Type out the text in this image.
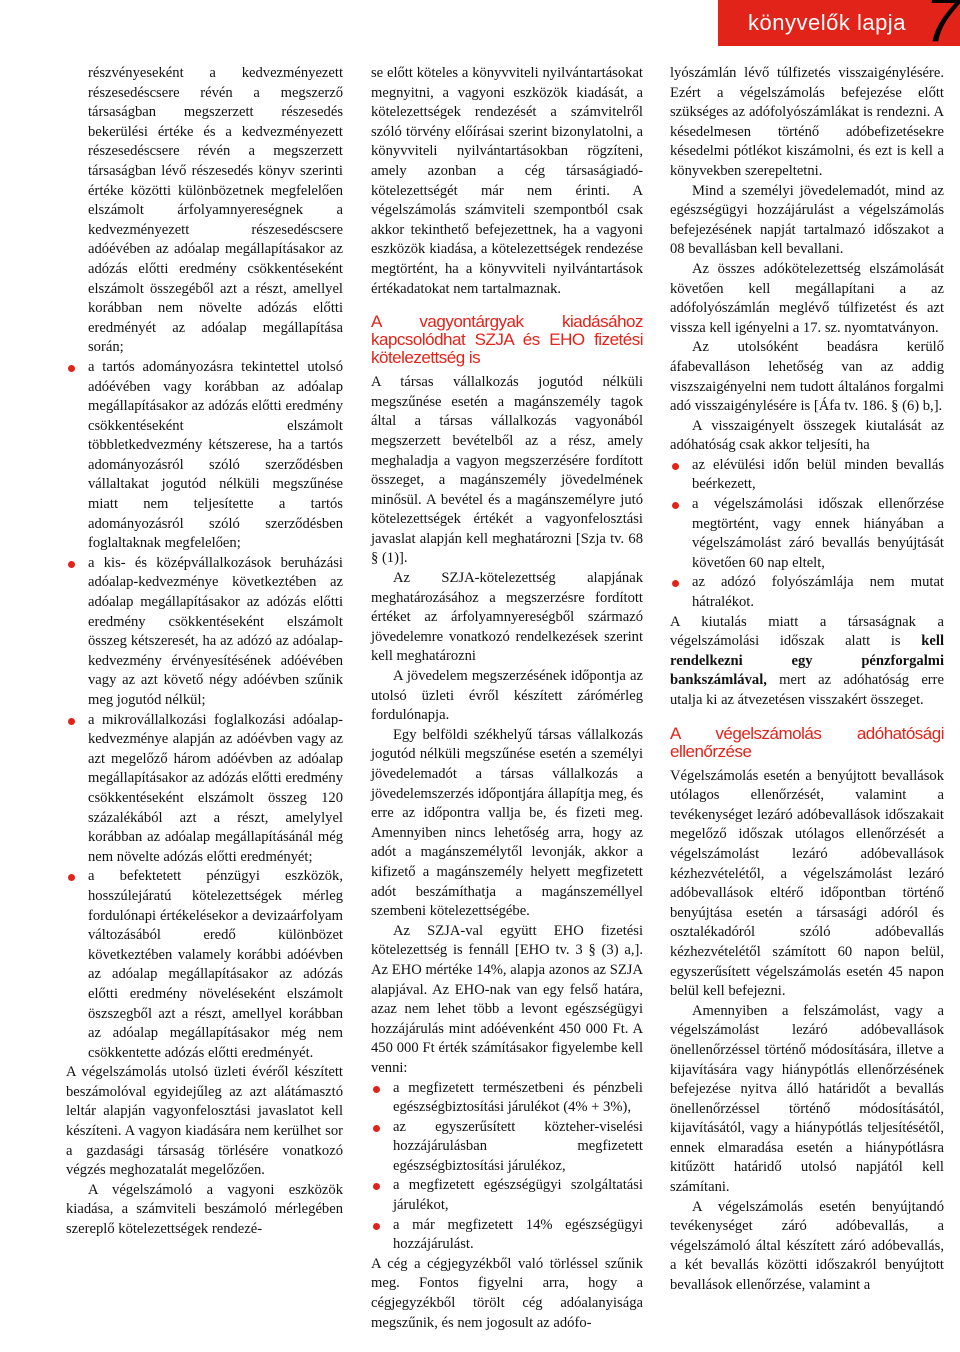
könyvelők lapja 7

részvényeseként a kedvezményezett részesedéscsere révén a megszerző társaságban megszerzett részesedés bekerülési értéke és a kedvezményezett részesedéscsere révén a megszerzett társaságban lévő részesedés könyv szerinti értéke közötti különbözetnek megfelelően elszámolt árfolyamnyereségnek a kedvezményezett részesedéscsere adóévében az adóalap megállapításakor az adózás előtti eredmény csökkentéseként elszámolt összegéből azt a részt, amellyel korábban nem növelte adózás előtti eredményét az adóalap megállapítása során;

a tartós adományozásra tekintettel utolsó adóévében vagy korábban az adóalap megállapításakor az adózás előtti eredmény csökkentéseként elszámolt többletkedvezmény kétszerese, ha a tartós adományozásról szóló szerződésben vállaltakat jogutód nélküli megszűnése miatt nem teljesítette a tartós adományozásról szóló szerződésben foglaltaknak megfelelően;
a kis- és középvállalkozások beruházási adóalap-kedvezménye következtében az adóalap megállapításakor az adózás előtti eredmény csökkentéseként elszámolt összeg kétszeresét, ha az adózó az adóalap-kedvezmény érvényesítésének adóévében vagy az azt követő négy adóévben szűnik meg jogutód nélkül;
a mikrovállalkozási foglalkozási adóalap-kedvezménye alapján az adóévben vagy az azt megelőző három adóévben az adóalap megállapításakor az adózás előtti eredmény csökkentéseként elszámolt összeg 120 százalékából azt a részt, amelylyel korábban az adóalap megállapításánál még nem növelte adózás előtti eredményét;
a befektetett pénzügyi eszközök, hosszúlejáratú kötelezettségek mérleg fordulónapi értékelésekor a devizaárfolyam változásából eredő különbözet következtében valamely korábbi adóévben az adóalap megállapításakor az adózás előtti eredmény növeléseként elszámolt öszszegből azt a részt, amellyel korábban az adóalap megállapításakor még nem csökkentette adózás előtti eredményét.

A végelszámolás utolsó üzleti évéről készített beszámolóval egyidejűleg az azt alátámasztó leltár alapján vagyonfelosztási javaslatot kell készíteni. A vagyon kiadására nem kerülhet sor a gazdasági társaság törlésére vonatkozó végzés meghozatalát megelőzően.

A végelszámoló a vagyoni eszközök kiadása, a számviteli beszámoló mérlegében szereplő kötelezettségek rendezé-

se előtt köteles a könyvviteli nyilvántartásokat megnyitni, a vagyoni eszközök kiadását, a kötelezettségek rendezését a számvitelről szóló törvény előírásai szerint bizonylatolni, a könyvviteli nyilvántartásokban rögzíteni, amely azonban a cég társaságiadó-kötelezettségét már nem érinti. A végelszámolás számviteli szempontból csak akkor tekinthető befejezettnek, ha a vagyoni eszközök kiadása, a kötelezettségek rendezése megtörtént, ha a könyvviteli nyilvántartások értékadatokat nem tartalmaznak.

A vagyontárgyak kiadásához kapcsolódhat SZJA és EHO fizetési kötelezettség is

A társas vállalkozás jogutód nélküli megszűnése esetén a magánszemély tagok által a társas vállalkozás vagyonából megszerzett bevételből az a rész, amely meghaladja a vagyon megszerzésére fordított összeget, a magánszemély jövedelmének minősül. A bevétel és a magánszemélyre jutó kötelezettségek értékét a vagyonfelosztási javaslat alapján kell meghatározni [Szja tv. 68 § (1)].

Az SZJA-kötelezettség alapjának meghatározásához a megszerzésre fordított értéket az árfolyamnyereségből származó jövedelemre vonatkozó rendelkezések szerint kell meghatározni

A jövedelem megszerzésének időpontja az utolsó üzleti évről készített zárómérleg fordulónapja.

Egy belföldi székhelyű társas vállalkozás jogutód nélküli megszűnése esetén a személyi jövedelemadót a társas vállalkozás a jövedelemszerzés időpontjára állapítja meg, és erre az időpontra vallja be, és fizeti meg. Amennyiben nincs lehetőség arra, hogy az adót a magánszemélytől levonják, akkor a kifizető a magánszemély helyett megfizetett adót beszámíthatja a magánszeméllyel szembeni kötelezettségébe.

Az SZJA-val együtt EHO fizetési kötelezettség is fennáll [EHO tv. 3 § (3) a,]. Az EHO mértéke 14%, alapja azonos az SZJA alapjával. Az EHO-nak van egy felső határa, azaz nem lehet több a levont egészségügyi hozzájárulás mint adóévenként 450 000 Ft. A 450 000 Ft érték számításakor figyelembe kell venni:

a megfizetett természetbeni és pénzbeli egészségbiztosítási járulékot (4% + 3%),
az egyszerűsített közteher-viselési hozzájárulásban megfizetett egészségbiztosítási járulékoz,
a megfizetett egészségügyi szolgáltatási járulékot,
a már megfizetett 14% egészségügyi hozzájárulást.

A cég a cégjegyzékből való törléssel szűnik meg. Fontos figyelni arra, hogy a cégjegyzékből törölt cég adóalanyisága megszűnik, és nem jogosult az adófo-

lyószámlán lévő túlfizetés visszaigénylésére. Ezért a végelszámolás befejezése előtt szükséges az adófolyószámlákat is rendezni. A késedelmesen történő adóbefizetésekre késedelmi pótlékot kiszámolni, és ezt is kell a könyvekben szerepeltetni.

Mind a személyi jövedelemadót, mind az egészségügyi hozzájárulást a végelszámolás befejezésének napját tartalmazó időszakot a 08 bevallásban kell bevallani.

Az összes adókötelezettség elszámolását követően kell megállapítani a az adófolyószámlán meglévő túlfizetést és azt vissza kell igényelni a 17. sz. nyomtatványon.

Az utolsóként beadásra kerülő áfabevalláson lehetőség van az addig viszszaigényelni nem tudott általános forgalmi adó visszaigénylésére is [Áfa tv. 186. § (6) b,].

A visszaigényelt összegek kiutalását az adóhatóság csak akkor teljesíti, ha

az elévülési időn belül minden bevallás beérkezett,
a végelszámolási időszak ellenőrzése megtörtént, vagy ennek hiányában a végelszámolást záró bevallás benyújtását követően 60 nap eltelt,
az adózó folyószámlája nem mutat hátralékot.

A kiutalás miatt a társaságnak a végelszámolási időszak alatt is kell rendelkezni egy pénzforgalmi bankszámlával, mert az adóhatóság erre utalja ki az átvezetésen visszakért összeget.

A végelszámolás adóhatósági ellenőrzése

Végelszámolás esetén a benyújtott bevallások utólagos ellenőrzését, valamint a tevékenységet lezáró adóbevallások időszakait megelőző időszak utólagos ellenőrzését a végelszámolást lezáró adóbevallások kézhezvételétől, a végelszámolást lezáró adóbevallások eltérő időpontban történő benyújtása esetén a társasági adóról és osztalékadóról szóló adóbevallás kézhezvételétől számított 60 napon belül, egyszerűsített végelszámolás esetén 45 napon belül kell befejezni.

Amennyiben a felszámolást, vagy a végelszámolást lezáró adóbevallások önellenőrzéssel történő módosítására, illetve a kijavítására vagy hiánypótlás ellenőrzésének befejezése nyitva álló határidőt a bevallás önellenőrzéssel történő módosításától, kijavításától, vagy a hiánypótlás teljesítésétől, ennek elmaradása esetén a hiánypótlásra kitűzött határidő utolsó napjától kell számítani.

A végelszámolás esetén benyújtandó tevékenységet záró adóbevallás, a végelszámoló által készített záró adóbevallás, a két bevallás közötti időszakról benyújtott bevallások ellenőrzése, valamint a
